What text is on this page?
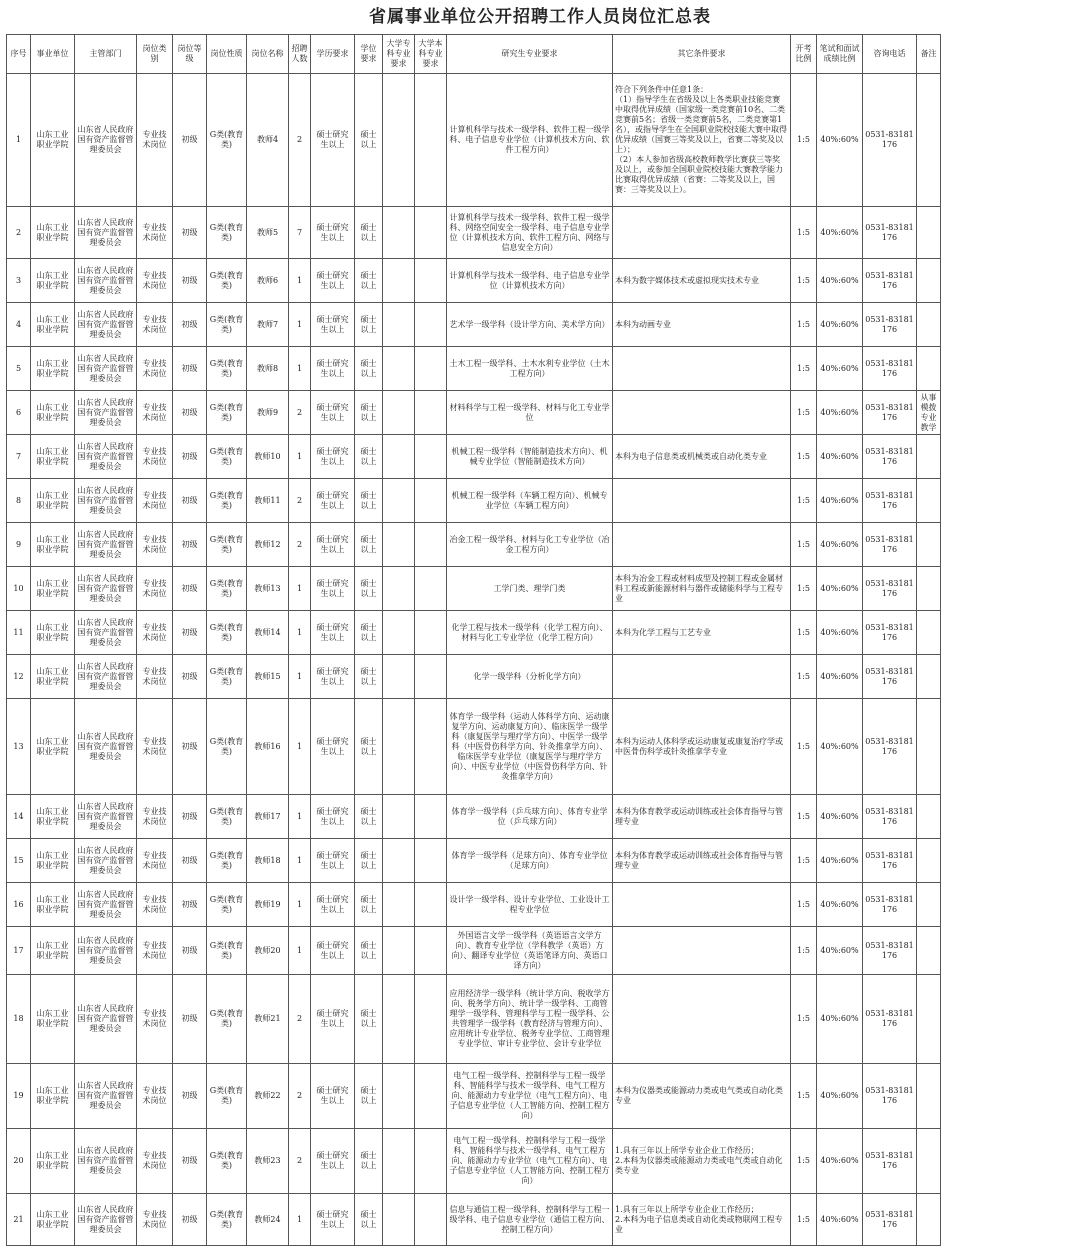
省属事业单位公开招聘工作人员岗位汇总表
序号	事业单位	主管部门	岗位类别	岗位等级	岗位性质	岗位名称	招聘人数	学历要求	学位要求	大学专科专业要求	大学本科专业要求	研究生专业要求	其它条件要求	开考比例	笔试和面试成绩比例	咨询电话	备注
1	山东工业职业学院	山东省人民政府国有资产监督管理委员会	专业技术岗位	初级	G类(教育类)	教师4	2	硕士研究生以上	硕士以上			计算机科学与技术一级学科、软件工程一级学科、电子信息专业学位（计算机技术方向、软件工程方向）	符合下列条件中任意1条：
（1）指导学生在省级及以上各类职业技能竞赛中取得优异成绩（国家级一类竞赛前10名、二类竞赛前5名；省级一类竞赛前5名，二类竞赛第1名），或指导学生在全国职业院校技能大赛中取得优异成绩（国赛三等奖及以上，省赛二等奖及以上）；
（2）本人参加省级高校教师教学比赛获三等奖及以上，或参加全国职业院校技能大赛教学能力比赛取得优异成绩（省赛：二等奖及以上，国赛：三等奖及以上）。	1:5	40%:60%	0531-83181176	
2	山东工业职业学院	山东省人民政府国有资产监督管理委员会	专业技术岗位	初级	G类(教育类)	教师5	7	硕士研究生以上	硕士以上			计算机科学与技术一级学科、软件工程一级学科、网络空间安全一级学科、电子信息专业学位（计算机技术方向、软件工程方向、网络与信息安全方向）		1:5	40%:60%	0531-83181176	
3	山东工业职业学院	山东省人民政府国有资产监督管理委员会	专业技术岗位	初级	G类(教育类)	教师6	1	硕士研究生以上	硕士以上			计算机科学与技术一级学科、电子信息专业学位（计算机技术方向）	本科为数字媒体技术或虚拟现实技术专业	1:5	40%:60%	0531-83181176	
4	山东工业职业学院	山东省人民政府国有资产监督管理委员会	专业技术岗位	初级	G类(教育类)	教师7	1	硕士研究生以上	硕士以上			艺术学一级学科（设计学方向、美术学方向）	本科为动画专业	1:5	40%:60%	0531-83181176	
5	山东工业职业学院	山东省人民政府国有资产监督管理委员会	专业技术岗位	初级	G类(教育类)	教师8	1	硕士研究生以上	硕士以上			土木工程一级学科、土木水利专业学位（土木工程方向）		1:5	40%:60%	0531-83181176	
6	山东工业职业学院	山东省人民政府国有资产监督管理委员会	专业技术岗位	初级	G类(教育类)	教师9	2	硕士研究生以上	硕士以上			材料科学与工程一级学科、材料与化工专业学位		1:5	40%:60%	0531-83181176	从事模拨专业教学
7	山东工业职业学院	山东省人民政府国有资产监督管理委员会	专业技术岗位	初级	G类(教育类)	教师10	1	硕士研究生以上	硕士以上			机械工程一级学科（智能制造技术方向）、机械专业学位（智能制造技术方向）	本科为电子信息类或机械类或自动化类专业	1:5	40%:60%	0531-83181176	
8	山东工业职业学院	山东省人民政府国有资产监督管理委员会	专业技术岗位	初级	G类(教育类)	教师11	2	硕士研究生以上	硕士以上			机械工程一级学科（车辆工程方向）、机械专业学位（车辆工程方向）		1:5	40%:60%	0531-83181176	
9	山东工业职业学院	山东省人民政府国有资产监督管理委员会	专业技术岗位	初级	G类(教育类)	教师12	2	硕士研究生以上	硕士以上			冶金工程一级学科、材料与化工专业学位（冶金工程方向）		1:5	40%:60%	0531-83181176	
10	山东工业职业学院	山东省人民政府国有资产监督管理委员会	专业技术岗位	初级	G类(教育类)	教师13	1	硕士研究生以上	硕士以上			工学门类、理学门类	本科为冶金工程或材料成型及控制工程或金属材料工程或新能源材料与器件或储能科学与工程专业	1:5	40%:60%	0531-83181176	
11	山东工业职业学院	山东省人民政府国有资产监督管理委员会	专业技术岗位	初级	G类(教育类)	教师14	1	硕士研究生以上	硕士以上			化学工程与技术一级学科（化学工程方向）、材料与化工专业学位（化学工程方向）	本科为化学工程与工艺专业	1:5	40%:60%	0531-83181176	
12	山东工业职业学院	山东省人民政府国有资产监督管理委员会	专业技术岗位	初级	G类(教育类)	教师15	1	硕士研究生以上	硕士以上			化学一级学科（分析化学方向）		1:5	40%:60%	0531-83181176	
13	山东工业职业学院	山东省人民政府国有资产监督管理委员会	专业技术岗位	初级	G类(教育类)	教师16	1	硕士研究生以上	硕士以上			体育学一级学科（运动人体科学方向、运动康复学方向、运动康复方向）、临床医学一级学科（康复医学与理疗学方向）、中医学一级学科（中医骨伤科学方向、针灸推拿学方向）、临床医学专业学位（康复医学与理疗学方向）、中医专业学位（中医骨伤科学方向、针灸推拿学方向）	本科为运动人体科学或运动康复或康复治疗学或中医骨伤科学或针灸推拿学专业	1:5	40%:60%	0531-83181176	
14	山东工业职业学院	山东省人民政府国有资产监督管理委员会	专业技术岗位	初级	G类(教育类)	教师17	1	硕士研究生以上	硕士以上			体育学一级学科（乒乓球方向）、体育专业学位（乒乓球方向）	本科为体育教学或运动训练或社会体育指导与管理专业	1:5	40%:60%	0531-83181176	
15	山东工业职业学院	山东省人民政府国有资产监督管理委员会	专业技术岗位	初级	G类(教育类)	教师18	1	硕士研究生以上	硕士以上			体育学一级学科（足球方向）、体育专业学位（足球方向）	本科为体育教学或运动训练或社会体育指导与管理专业	1:5	40%:60%	0531-83181176	
16	山东工业职业学院	山东省人民政府国有资产监督管理委员会	专业技术岗位	初级	G类(教育类)	教师19	1	硕士研究生以上	硕士以上			设计学一级学科、设计专业学位、工业设计工程专业学位		1:5	40%:60%	0531-83181176	
17	山东工业职业学院	山东省人民政府国有资产监督管理委员会	专业技术岗位	初级	G类(教育类)	教师20	1	硕士研究生以上	硕士以上			外国语言文学一级学科（英语语言文学方向）、教育专业学位（学科教学（英语）方向）、翻译专业学位（英语笔译方向、英语口译方向）		1:5	40%:60%	0531-83181176	
18	山东工业职业学院	山东省人民政府国有资产监督管理委员会	专业技术岗位	初级	G类(教育类)	教师21	2	硕士研究生以上	硕士以上			应用经济学一级学科（统计学方向、税收学方向、税务学方向）、统计学一级学科、工商管理学一级学科、管理科学与工程一级学科、公共管理学一级学科（教育经济与管理方向）、应用统计专业学位、税务专业学位、工商管理专业学位、审计专业学位、会计专业学位		1:5	40%:60%	0531-83181176	
19	山东工业职业学院	山东省人民政府国有资产监督管理委员会	专业技术岗位	初级	G类(教育类)	教师22	2	硕士研究生以上	硕士以上			电气工程一级学科、控制科学与工程一级学科、智能科学与技术一级学科、电气工程方向、能源动力专业学位（电气工程方向）、电子信息专业学位（人工智能方向、控制工程方向）	本科为仪器类或能源动力类或电气类或自动化类专业	1:5	40%:60%	0531-83181176	
20	山东工业职业学院	山东省人民政府国有资产监督管理委员会	专业技术岗位	初级	G类(教育类)	教师23	2	硕士研究生以上	硕士以上			电气工程一级学科、控制科学与工程一级学科、智能科学与技术一级学科、电气工程方向、能源动力专业学位（电气工程方向）、电子信息专业学位（人工智能方向、控制工程方向）	1.具有三年以上所学专业企业工作经历；
2.本科为仪器类或能源动力类或电气类或自动化类专业	1:5	40%:60%	0531-83181176	
21	山东工业职业学院	山东省人民政府国有资产监督管理委员会	专业技术岗位	初级	G类(教育类)	教师24	1	硕士研究生以上	硕士以上			信息与通信工程一级学科、控制科学与工程一级学科、电子信息专业学位（通信工程方向、控制工程方向）	1.具有三年以上所学专业企业工作经历；
2.本科为电子信息类或自动化类或物联网工程专业	1:5	40%:60%	0531-83181176	
